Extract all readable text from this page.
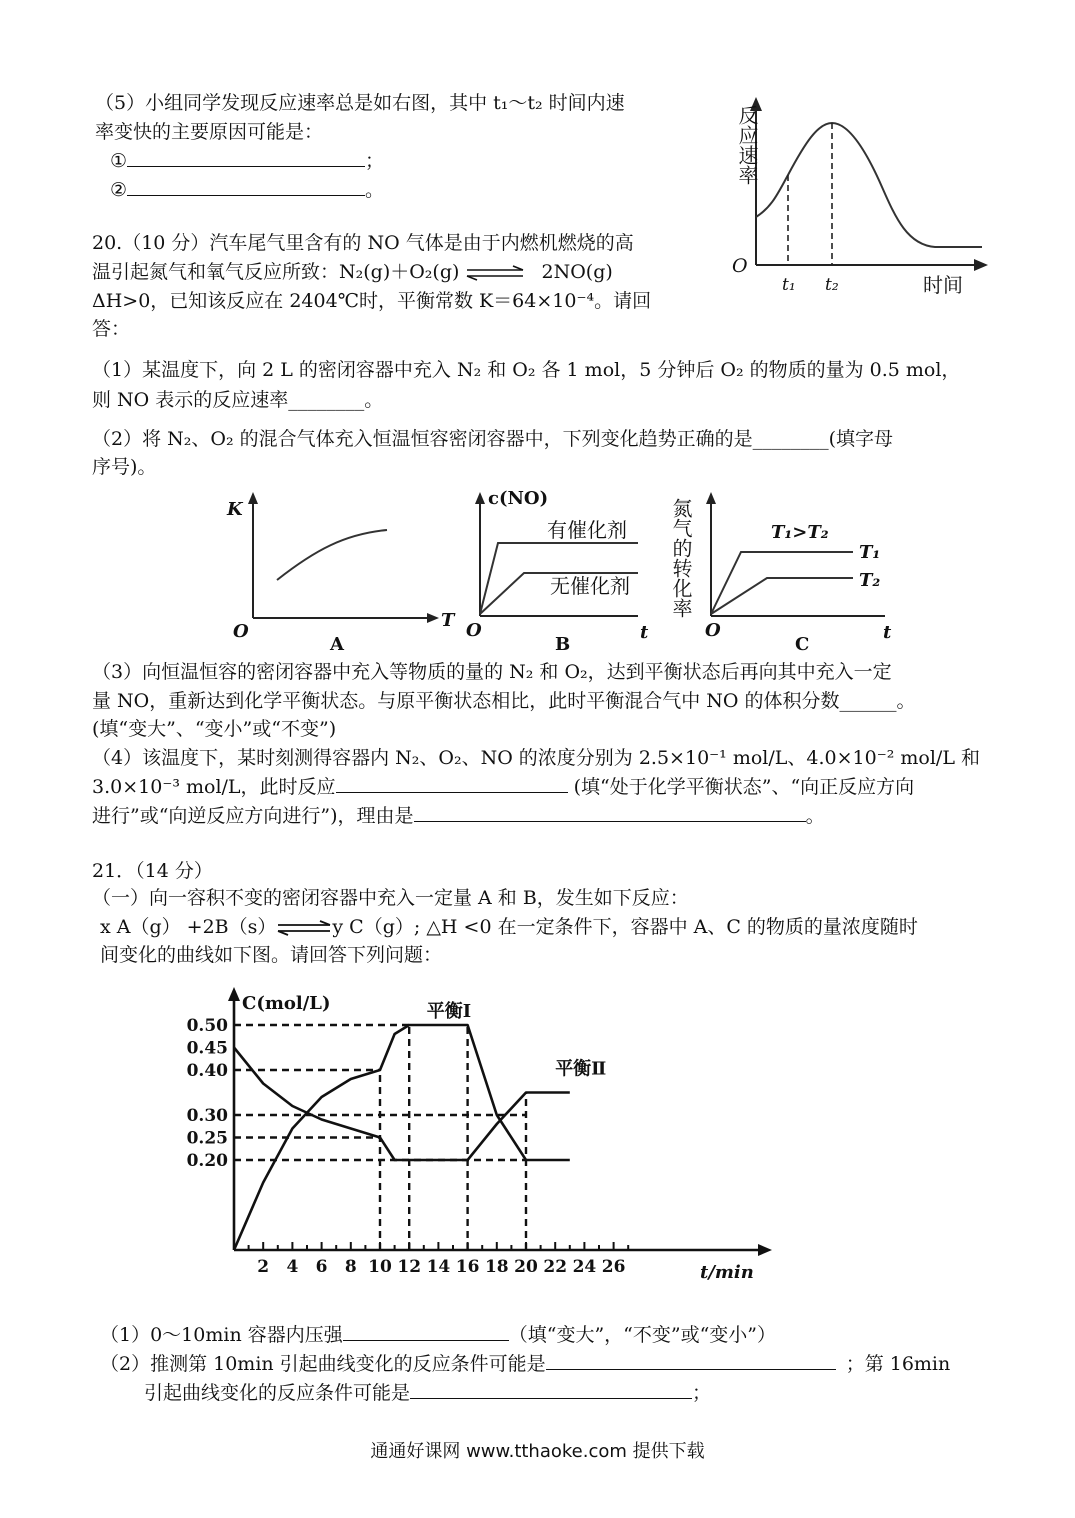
（5）小组同学发现反应速率总是如右图，其中 t₁～t₂ 时间内速
率变快的主要原因可能是：
①	；
②	。
O
t₁ t₂	时间
反应速率
20.（10 分）汽车尾气里含有的 NO 气体是由于内燃机燃烧的高
温引起氮气和氧气反应所致：N₂(g)＋O₂(g) ⇌ 2NO(g)
ΔH>0，已知该反应在 2404℃时，平衡常数 K＝64×10⁻⁴。请回
答：
（1）某温度下，向 2 L 的密闭容器中充入 N₂ 和 O₂ 各 1 mol，5 分钟后 O₂ 的物质的量为 0.5 mol，
则 NO 表示的反应速率________。
（2）将 N₂、O₂ 的混合气体充入恒温恒容密闭容器中，下列变化趋势正确的是________(填字母
序号)。
K
O
T
A
c(NO)
有催化剂
无催化剂
O	t
B
氮气的转化率	T₁>T₂
T₁
T₂
O	t
C
（3）向恒温恒容的密闭容器中充入等物质的量的 N₂ 和 O₂，达到平衡状态后再向其中充入一定
量 NO，重新达到化学平衡状态。与原平衡状态相比，此时平衡混合气中 NO 的体积分数______。
(填“变大”、“变小”或“不变”)
（4）该温度下，某时刻测得容器内 N₂、O₂、NO 的浓度分别为 2.5×10⁻¹ mol/L、4.0×10⁻² mol/L 和
3.0×10⁻³ mol/L，此时反应	(填“处于化学平衡状态”、“向正反应方向
进行”或“向逆反应方向进行”)，理由是	。
21．（14 分）
（一）向一容积不变的密闭容器中充入一定量 A 和 B，发生如下反应：
x A（g） +2B（s）⇌y C（g）; △H <0 在一定条件下，容器中 A、C 的物质的量浓度随时
间变化的曲线如下图。请回答下列问题：
0.50
0.45
0.40
0.30
0.25
0.20
2 4 6 8 10 12 14 16 18 20 22 24 26
C(mol/L)
t/min
平衡Ⅰ
平衡Ⅱ
（1）0～10min 容器内压强	（填“变大”，“不变”或“变小”）
（2）推测第 10min 引起曲线变化的反应条件可能是	；第 16min
引起曲线变化的反应条件可能是	；
通通好课网 www.tthaoke.com 提供下载
